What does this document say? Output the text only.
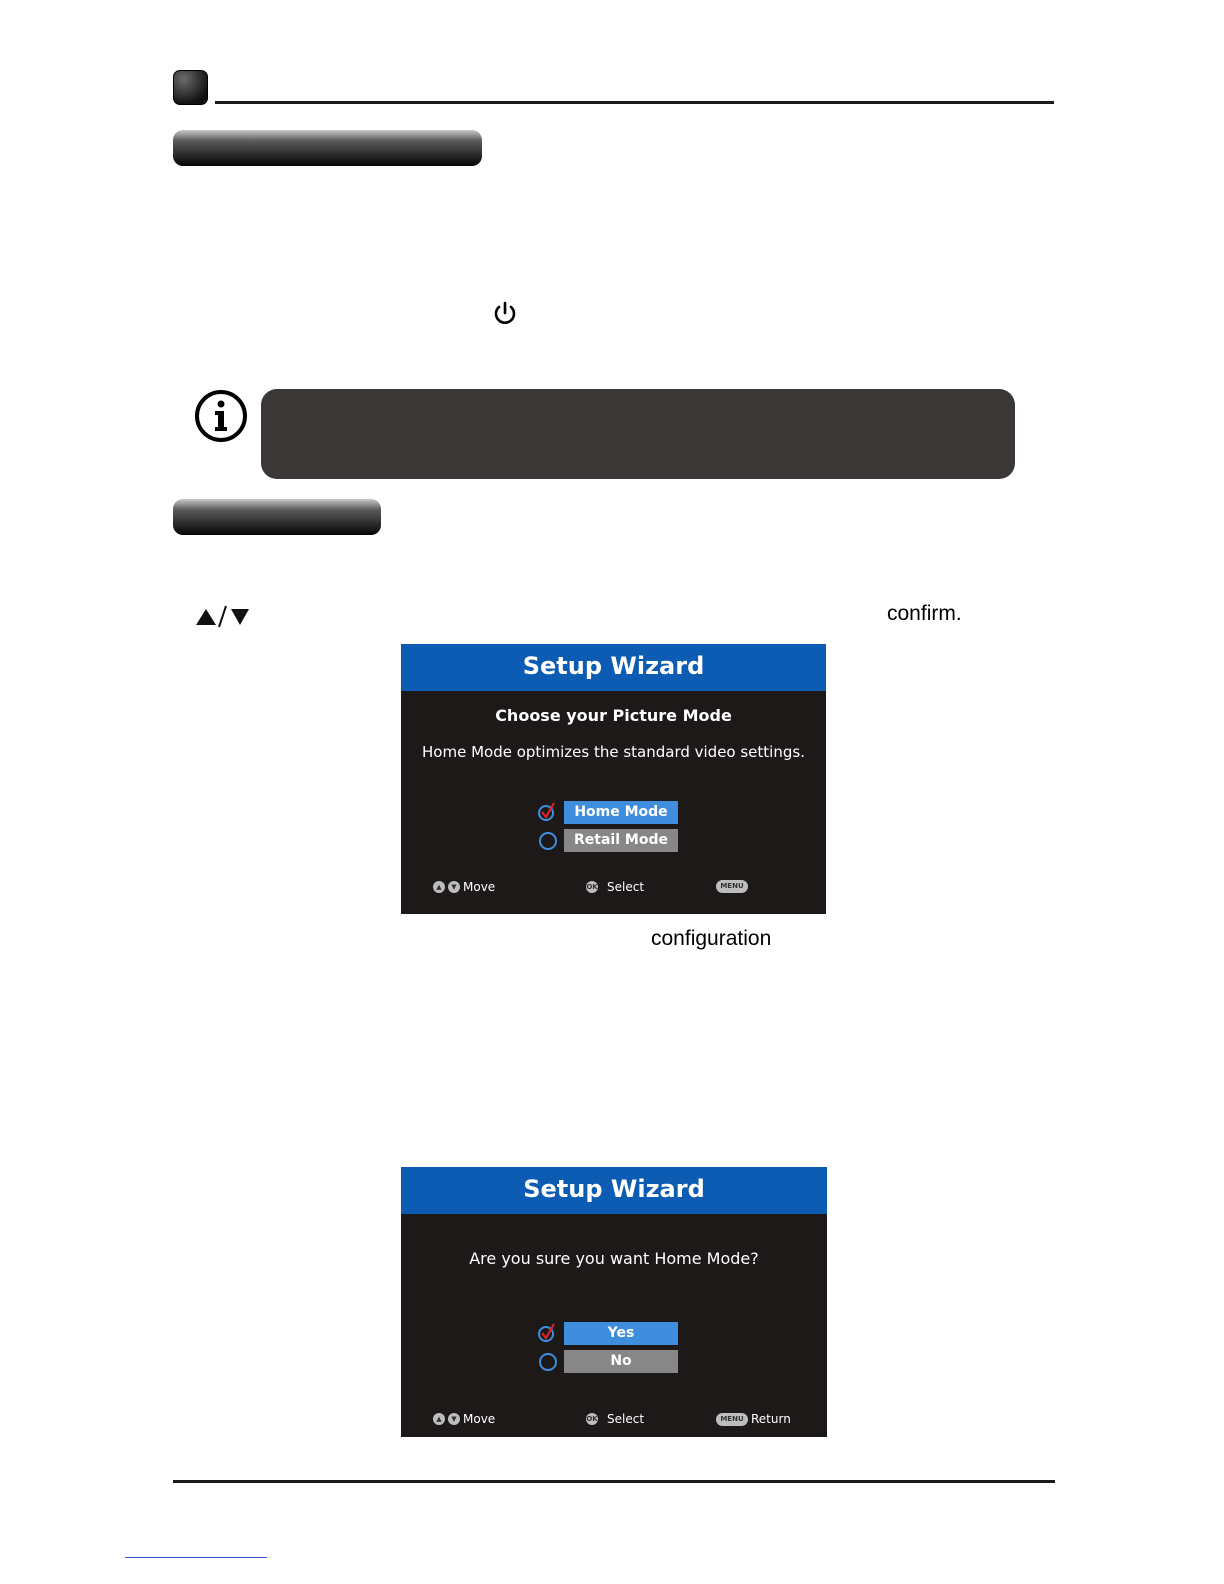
confirm.
Setup Wizard
Choose your Picture Mode
Home Mode optimizes the standard video settings.
Home Mode
Retail Mode
▲	▼ Move	OK Select	MENU
configuration
Setup Wizard
Are you sure you want Home Mode?
Yes
No
▲	▼ Move	OK Select	MENU Return
